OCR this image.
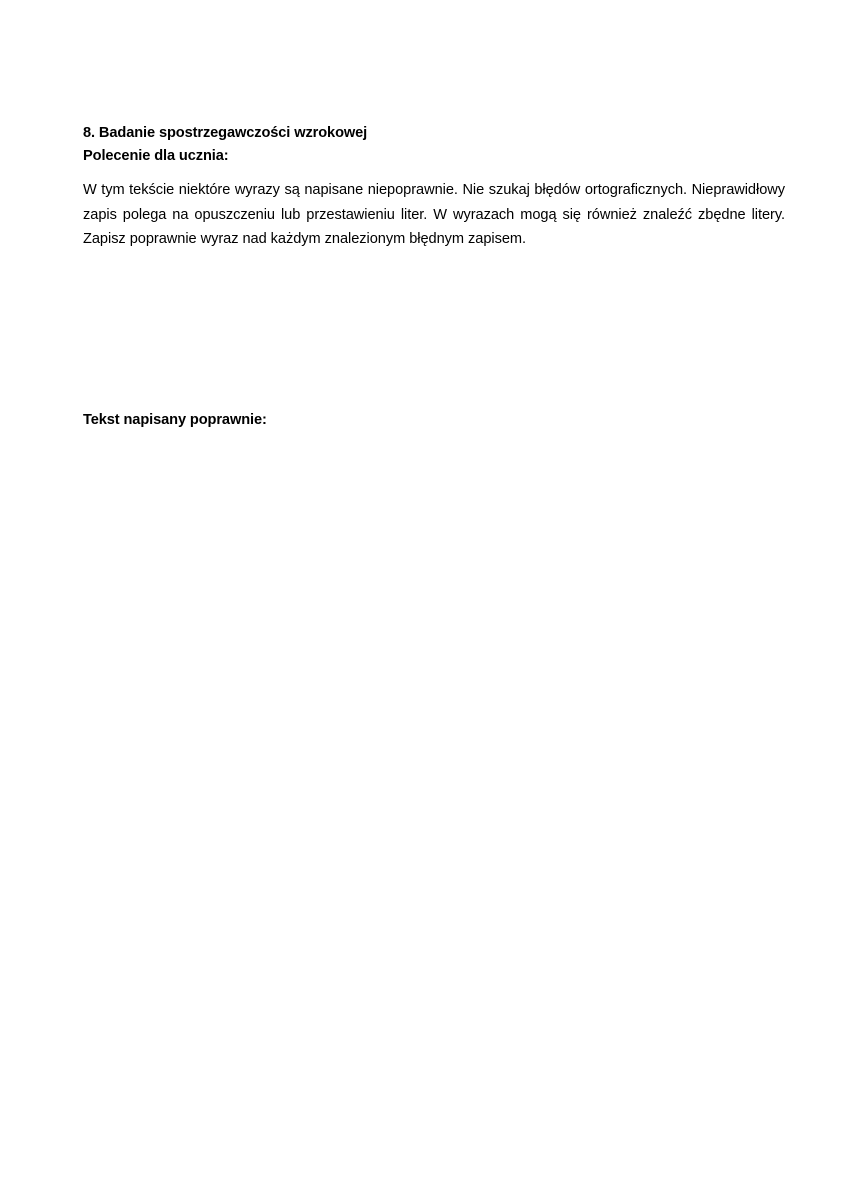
8. Badanie spostrzegawczości wzrokowej

Polecenie dla ucznia:

W tym tekście niektóre wyrazy są napisane niepoprawnie. Nie szukaj błędów ortograficznych. Nieprawidłowy zapis polega na opuszczeniu lub przestawieniu liter. W wyrazach mogą się również znaleźć zbędne litery. Zapisz poprawnie wyraz nad każdym znalezionym błędnym zapisem.

Tekst napisany poprawnie:
